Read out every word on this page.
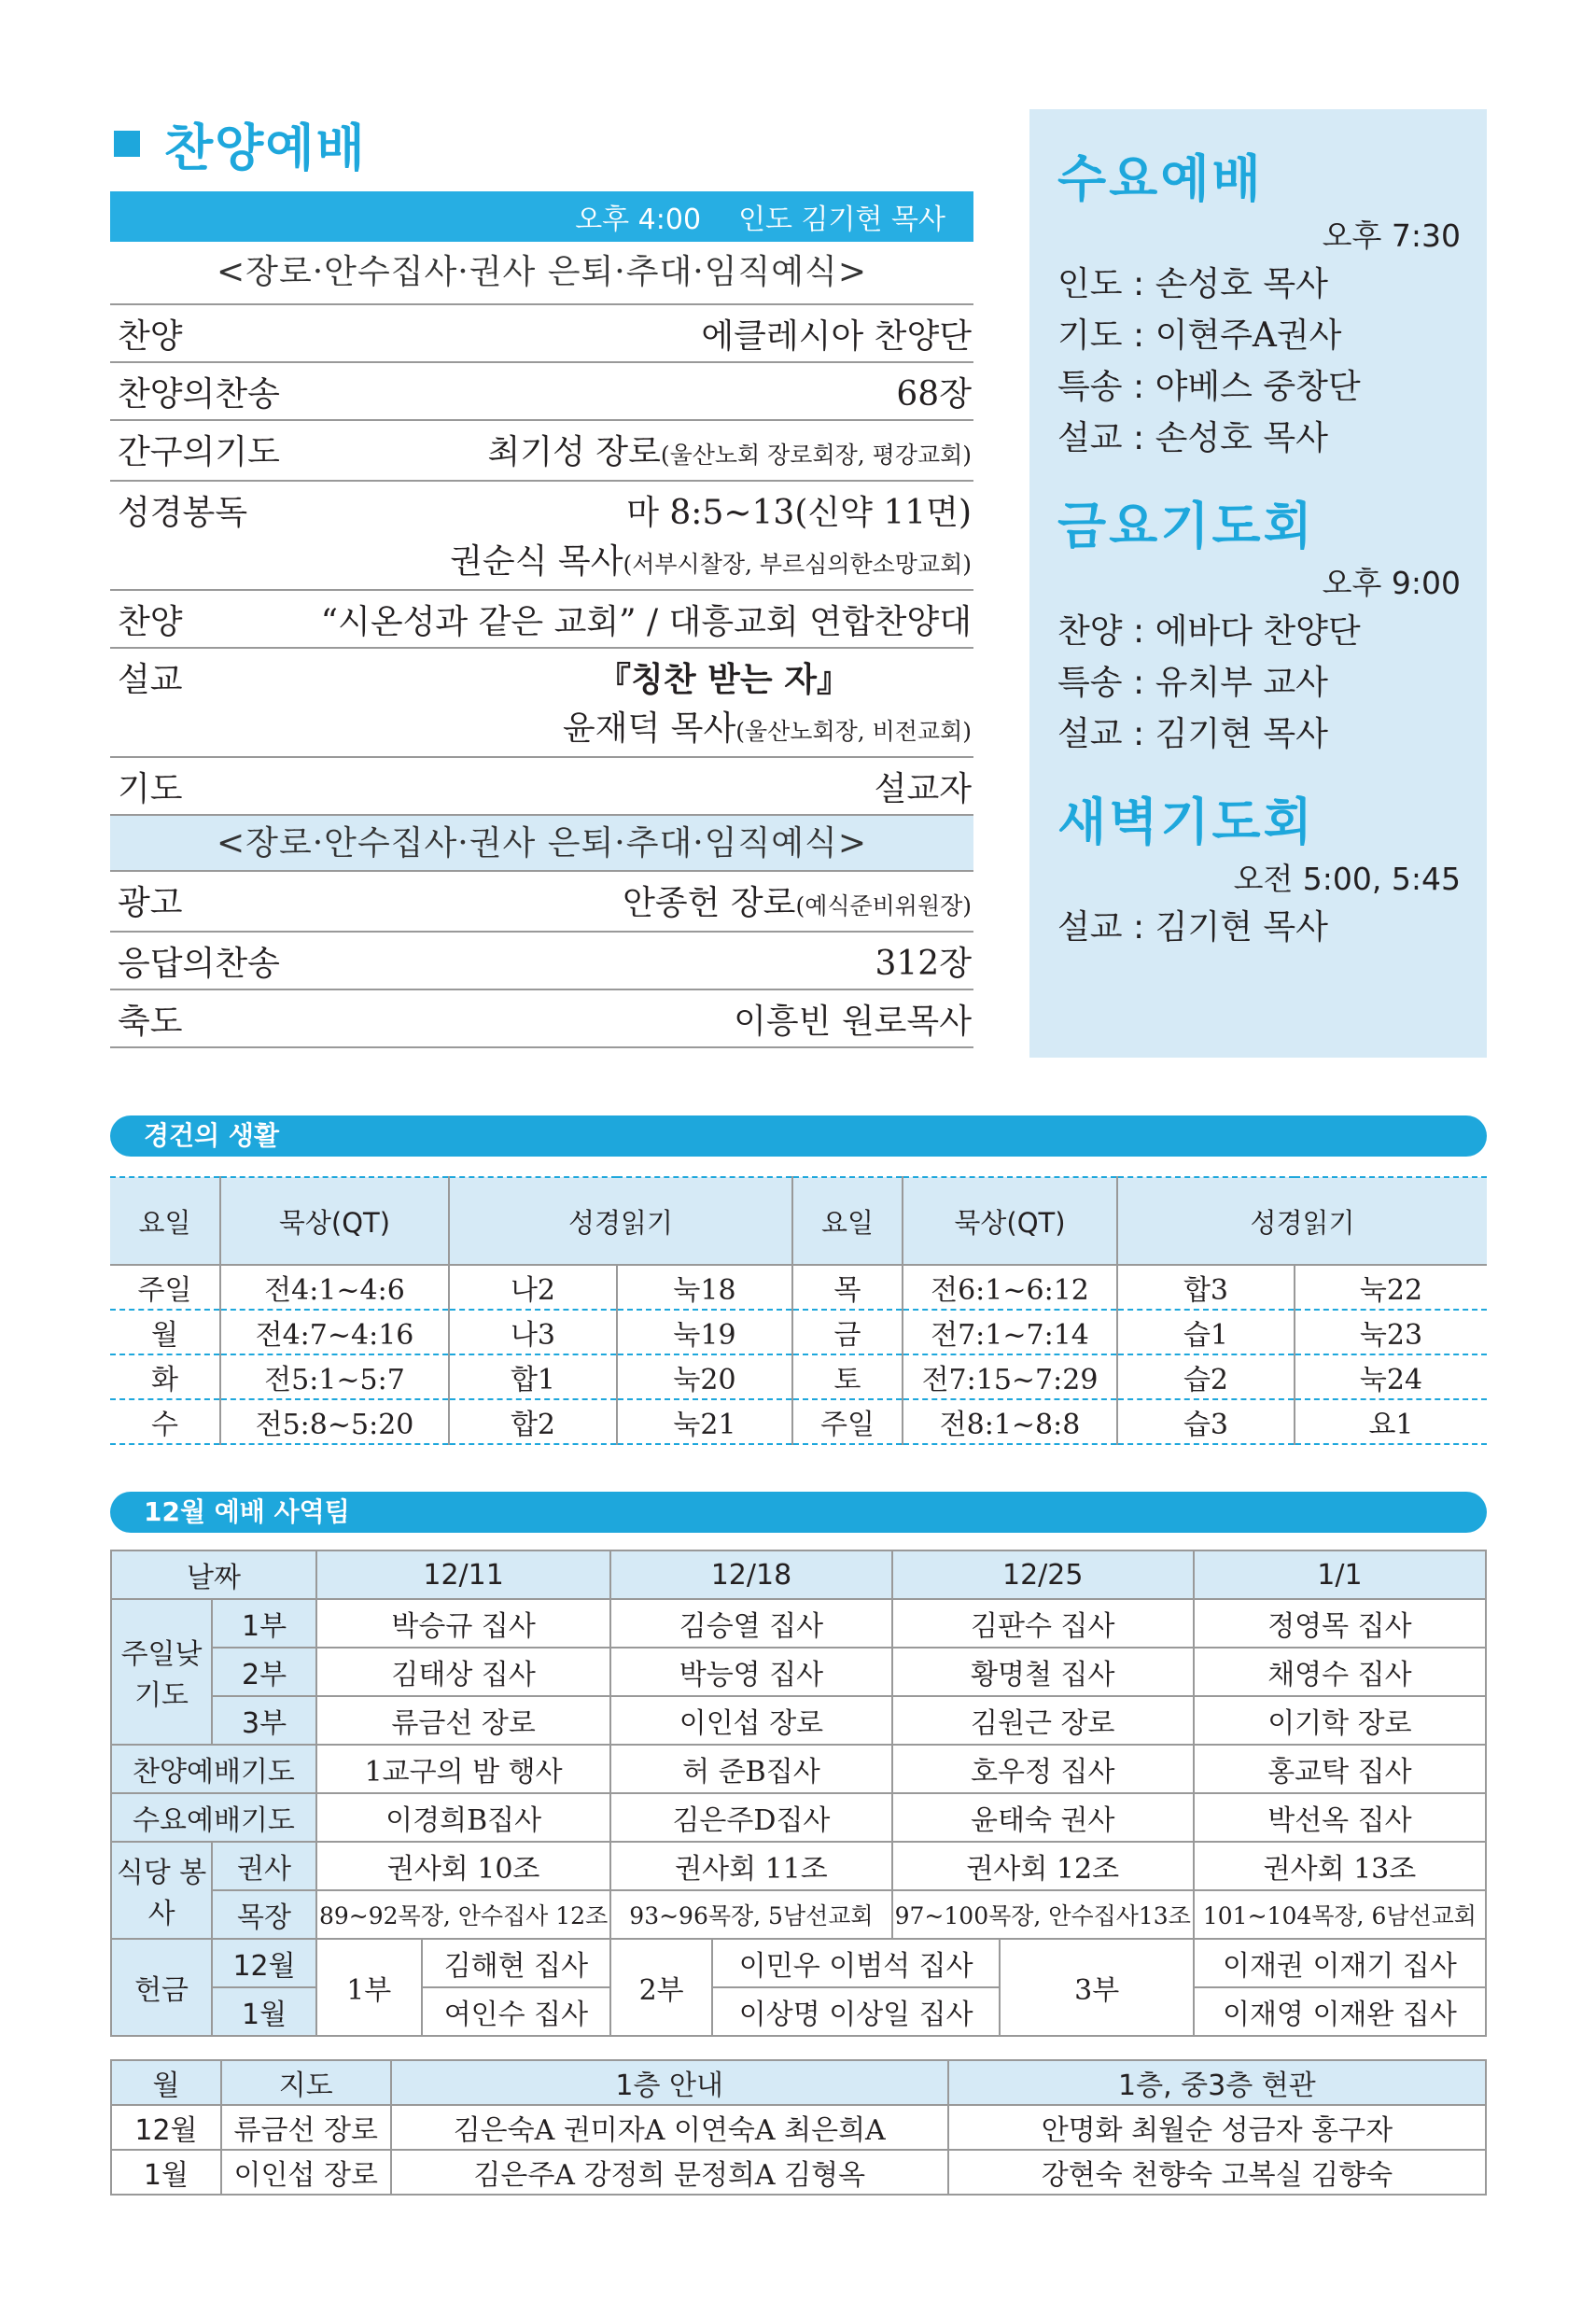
찬양예배
오후 4:00 인도 김기현 목사
<장로·안수집사·권사 은퇴·추대·임직예식>
찬양	에클레시아 찬양단
찬양의찬송	68장
간구의기도	최기성 장로(울산노회 장로회장, 평강교회)
성경봉독	마 8:5~13(신약 11면)
권순식 목사(서부시찰장, 부르심의한소망교회)
찬양	“시온성과 같은 교회” / 대흥교회 연합찬양대
설교	『칭찬 받는 자』
윤재덕 목사(울산노회장, 비전교회)
기도	설교자
<장로·안수집사·권사 은퇴·추대·임직예식>
광고	안종헌 장로(예식준비위원장)
응답의찬송	312장
축도	이흥빈 원로목사
수요예배
오후 7:30
인도 : 손성호 목사
기도 : 이현주A권사
특송 : 야베스 중창단
설교 : 손성호 목사
금요기도회
오후 9:00
찬양 : 에바다 찬양단
특송 : 유치부 교사
설교 : 김기현 목사
새벽기도회
오전 5:00, 5:45
설교 : 김기현 목사
경건의 생활
요일	묵상(QT)	성경읽기		요일	묵상(QT)	성경읽기	
주일	전4:1~4:6	나2	눅18	목	전6:1~6:12	합3	눅22
월	전4:7~4:16	나3	눅19	금	전7:1~7:14	습1	눅23
화	전5:1~5:7	합1	눅20	토	전7:15~7:29	습2	눅24
수	전5:8~5:20	합2	눅21	주일	전8:1~8:8	습3	요1
12월 예배 사역팀
날짜		12/11		12/18		12/25		1/1
주일낮 기도	1부	박승규 집사		김승열 집사		김판수 집사		정영목 집사
	2부	김태상 집사		박능영 집사		황명철 집사		채영수 집사
	3부	류금선 장로		이인섭 장로		김원근 장로		이기학 장로
찬양예배기도		1교구의 밤 행사		허 준B집사		호우정 집사		홍교탁 집사
수요예배기도		이경희B집사		김은주D집사		윤태숙 권사		박선옥 집사
식당 봉사	권사	권사회 10조		권사회 11조		권사회 12조		권사회 13조
	목장	89~92목장, 안수집사 12조		93~96목장, 5남선교회		97~100목장, 안수집사13조		101~104목장, 6남선교회
헌금	12월	1부	김해현 집사	2부	이민우 이범석 집사		3부	이재권 이재기 집사
	1월		여인수 집사		이상명 이상일 집사			이재영 이재완 집사
월	지도	1층 안내	1층, 중3층 현관
12월	류금선 장로	김은숙A 권미자A 이연숙A 최은희A	안명화 최월순 성금자 홍구자
1월	이인섭 장로	김은주A 강정희 문정희A 김형옥	강현숙 천향숙 고복실 김향숙
